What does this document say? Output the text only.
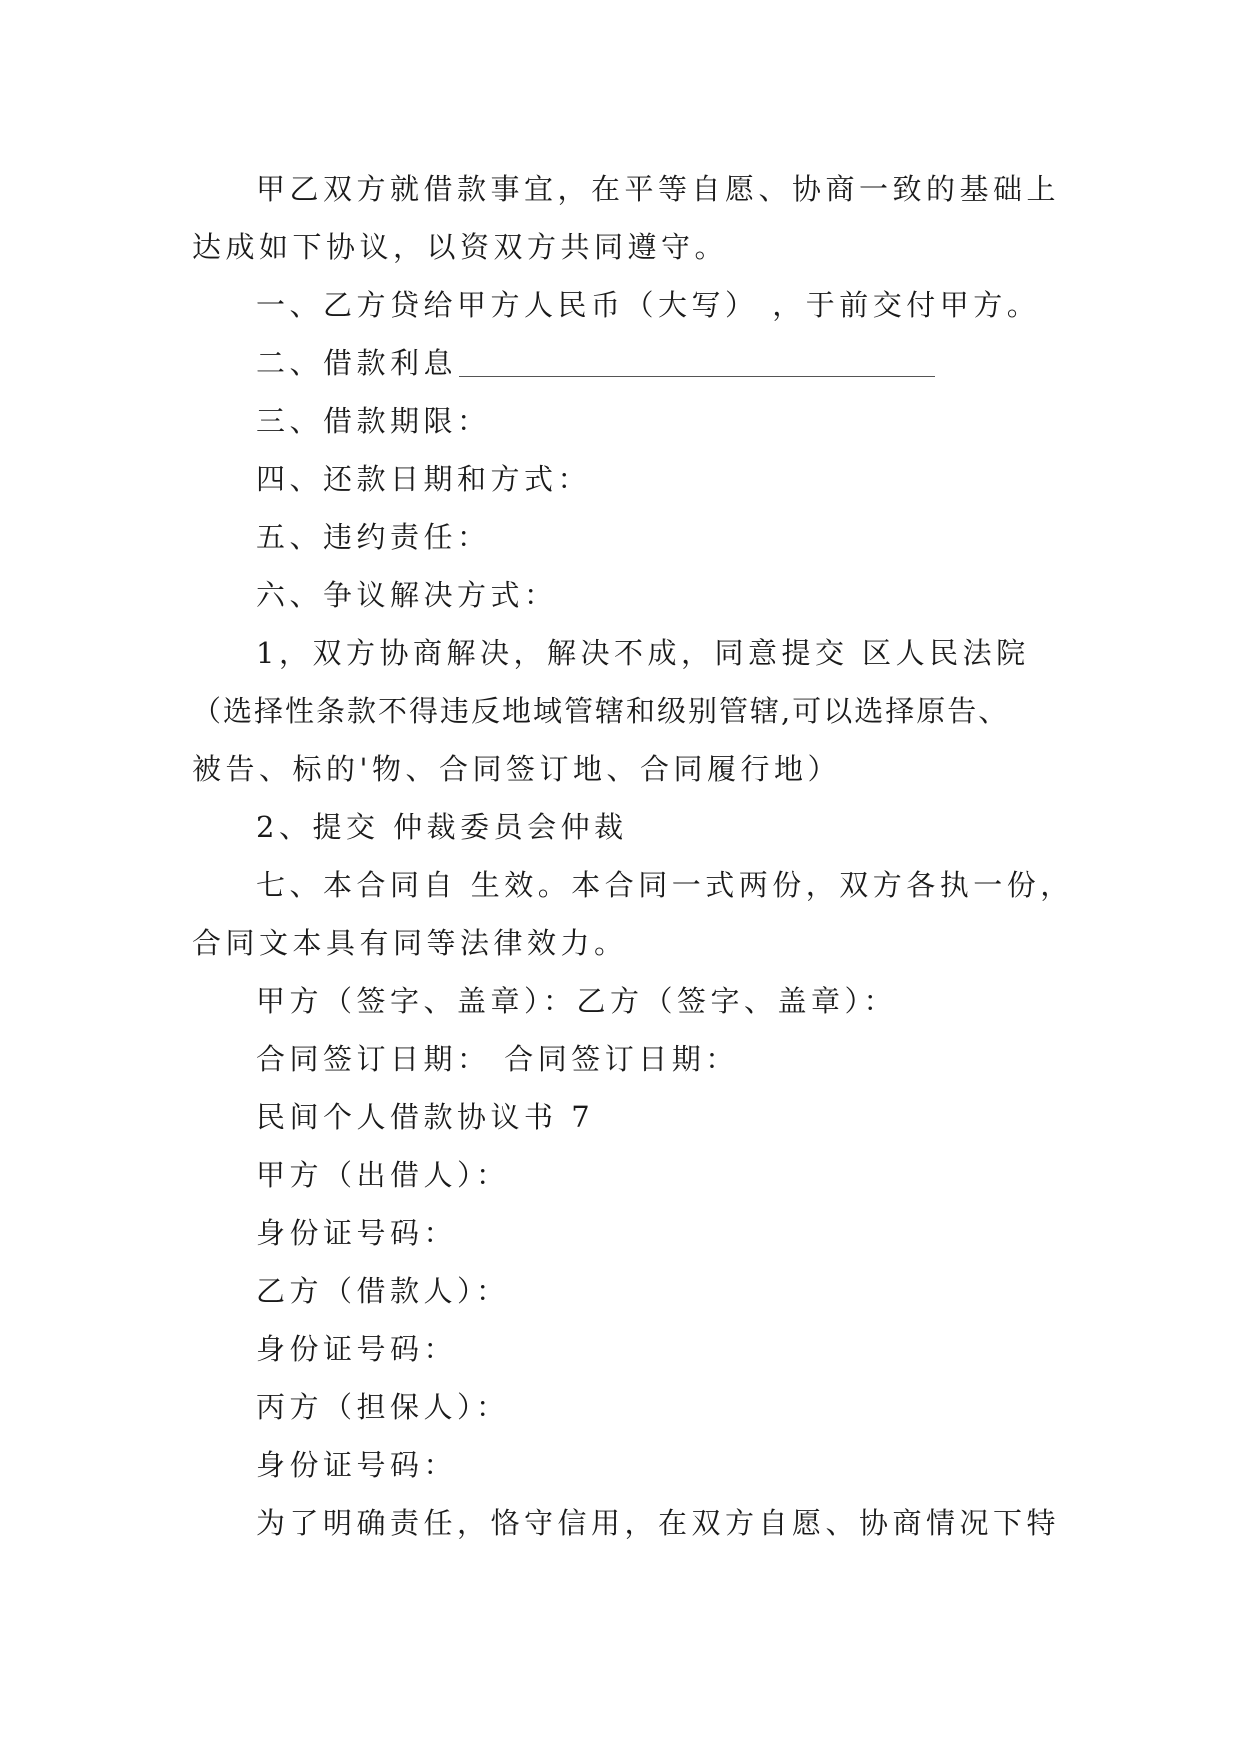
甲乙双方就借款事宜，在平等自愿、协商一致的基础上

达成如下协议，以资双方共同遵守。

一、乙方贷给甲方人民币（大写） ，于前交付甲方。

二、借款利息

三、借款期限：

四、还款日期和方式：

五、违约责任：

六、争议解决方式：

1，双方协商解决，解决不成，同意提交 区人民法院

（选择性条款不得违反地域管辖和级别管辖,可以选择原告、

被告、标的'物、合同签订地、合同履行地）

2、提交 仲裁委员会仲裁

七、本合同自 生效。本合同一式两份，双方各执一份，

合同文本具有同等法律效力。

甲方（签字、盖章）：乙方（签字、盖章）：

合同签订日期： 合同签订日期：

民间个人借款协议书 7

甲方（出借人）：

身份证号码：

乙方（借款人）：

身份证号码：

丙方（担保人）：

身份证号码：

为了明确责任，恪守信用，在双方自愿、协商情况下特
